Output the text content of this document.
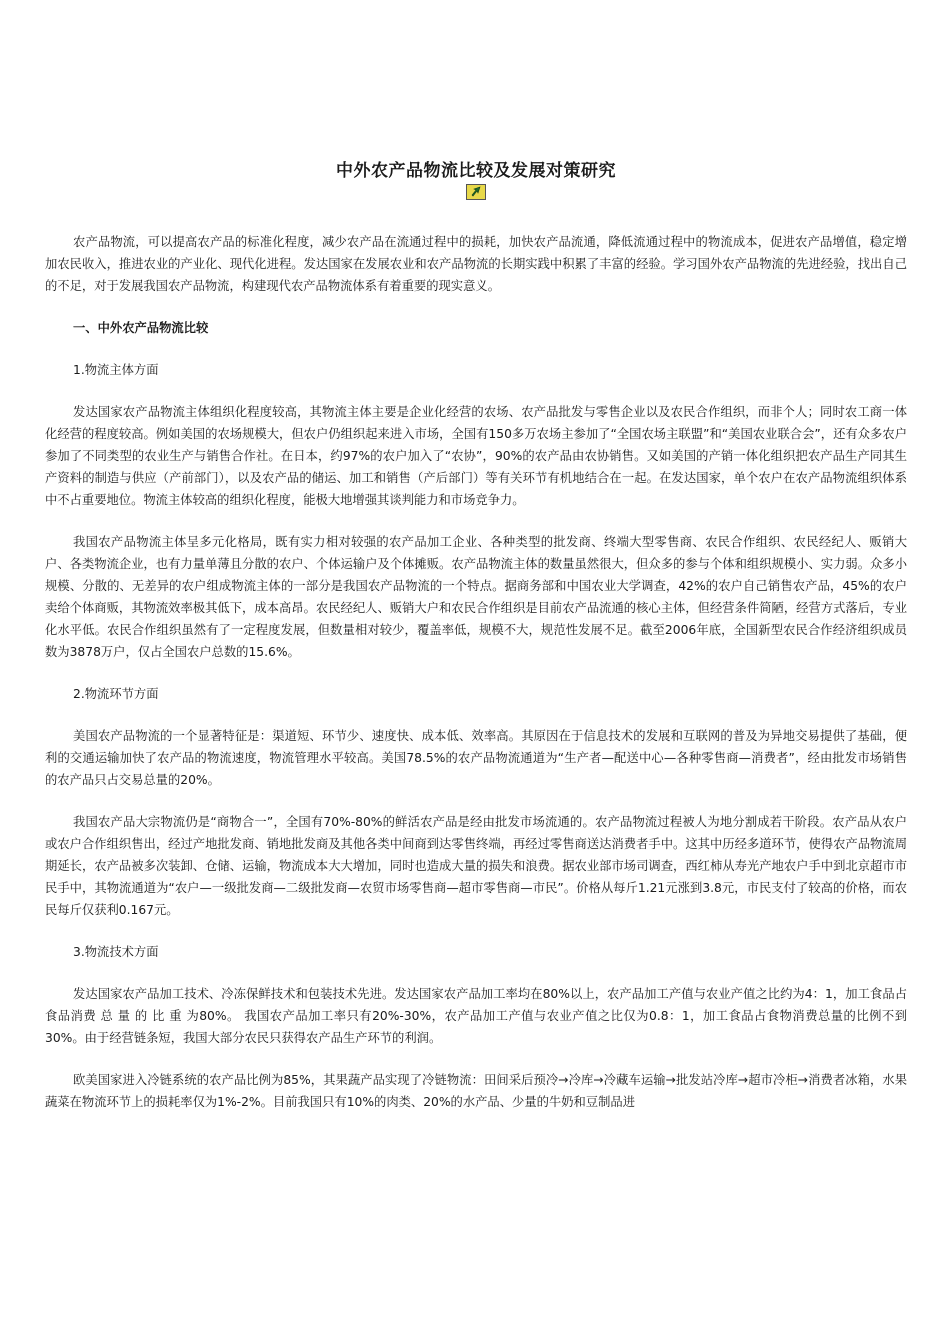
中外农产品物流比较及发展对策研究

农产品物流，可以提高农产品的标准化程度，减少农产品在流通过程中的损耗，加快农产品流通，降低流通过程中的物流成本，促进农产品增值，稳定增加农民收入，推进农业的产业化、现代化进程。发达国家在发展农业和农产品物流的长期实践中积累了丰富的经验。学习国外农产品物流的先进经验，找出自己的不足，对于发展我国农产品物流，构建现代农产品物流体系有着重要的现实意义。

一、中外农产品物流比较

1.物流主体方面

发达国家农产品物流主体组织化程度较高，其物流主体主要是企业化经营的农场、农产品批发与零售企业以及农民合作组织，而非个人；同时农工商一体化经营的程度较高。例如美国的农场规模大，但农户仍组织起来进入市场，全国有150多万农场主参加了“全国农场主联盟”和“美国农业联合会”，还有众多农户参加了不同类型的农业生产与销售合作社。在日本，约97%的农户加入了“农协”，90%的农产品由农协销售。又如美国的产销一体化组织把农产品生产同其生产资料的制造与供应（产前部门），以及农产品的储运、加工和销售（产后部门）等有关环节有机地结合在一起。在发达国家，单个农户在农产品物流组织体系中不占重要地位。物流主体较高的组织化程度，能极大地增强其谈判能力和市场竞争力。

我国农产品物流主体呈多元化格局，既有实力相对较强的农产品加工企业、各种类型的批发商、终端大型零售商、农民合作组织、农民经纪人、贩销大户、各类物流企业，也有力量单薄且分散的农户、个体运输户及个体摊贩。农产品物流主体的数量虽然很大，但众多的参与个体和组织规模小、实力弱。众多小规模、分散的、无差异的农户组成物流主体的一部分是我国农产品物流的一个特点。据商务部和中国农业大学调查，42%的农户自己销售农产品，45%的农户卖给个体商贩，其物流效率极其低下，成本高昂。农民经纪人、贩销大户和农民合作组织是目前农产品流通的核心主体，但经营条件简陋，经营方式落后，专业化水平低。农民合作组织虽然有了一定程度发展，但数量相对较少，覆盖率低，规模不大，规范性发展不足。截至2006年底，全国新型农民合作经济组织成员数为3878万户，仅占全国农户总数的15.6%。

2.物流环节方面

美国农产品物流的一个显著特征是：渠道短、环节少、速度快、成本低、效率高。其原因在于信息技术的发展和互联网的普及为异地交易提供了基础，便利的交通运输加快了农产品的物流速度，物流管理水平较高。美国78.5%的农产品物流通道为“生产者—配送中心—各种零售商—消费者”，经由批发市场销售的农产品只占交易总量的20%。

我国农产品大宗物流仍是“商物合一”，全国有70%-80%的鲜活农产品是经由批发市场流通的。农产品物流过程被人为地分割成若干阶段。农产品从农户或农户合作组织售出，经过产地批发商、销地批发商及其他各类中间商到达零售终端，再经过零售商送达消费者手中。这其中历经多道环节，使得农产品物流周期延长，农产品被多次装卸、仓储、运输，物流成本大大增加，同时也造成大量的损失和浪费。据农业部市场司调查，西红柿从寿光产地农户手中到北京超市市民手中，其物流通道为“农户—一级批发商—二级批发商—农贸市场零售商—超市零售商—市民”。价格从每斤1.21元涨到3.8元，市民支付了较高的价格，而农民每斤仅获利0.167元。

3.物流技术方面

发达国家农产品加工技术、冷冻保鲜技术和包装技术先进。发达国家农产品加工率均在80%以上，农产品加工产值与农业产值之比约为4：1，加工食品占食品消费 总 量 的 比 重 为80%。 我国农产品加工率只有20%-30%，农产品加工产值与农业产值之比仅为0.8：1，加工食品占食物消费总量的比例不到30%。由于经营链条短，我国大部分农民只获得农产品生产环节的利润。

欧美国家进入冷链系统的农产品比例为85%，其果蔬产品实现了冷链物流：田间采后预冷→冷库→冷藏车运输→批发站冷库→超市冷柜→消费者冰箱，水果蔬菜在物流环节上的损耗率仅为1%-2%。目前我国只有10%的肉类、20%的水产品、少量的牛奶和豆制品进
